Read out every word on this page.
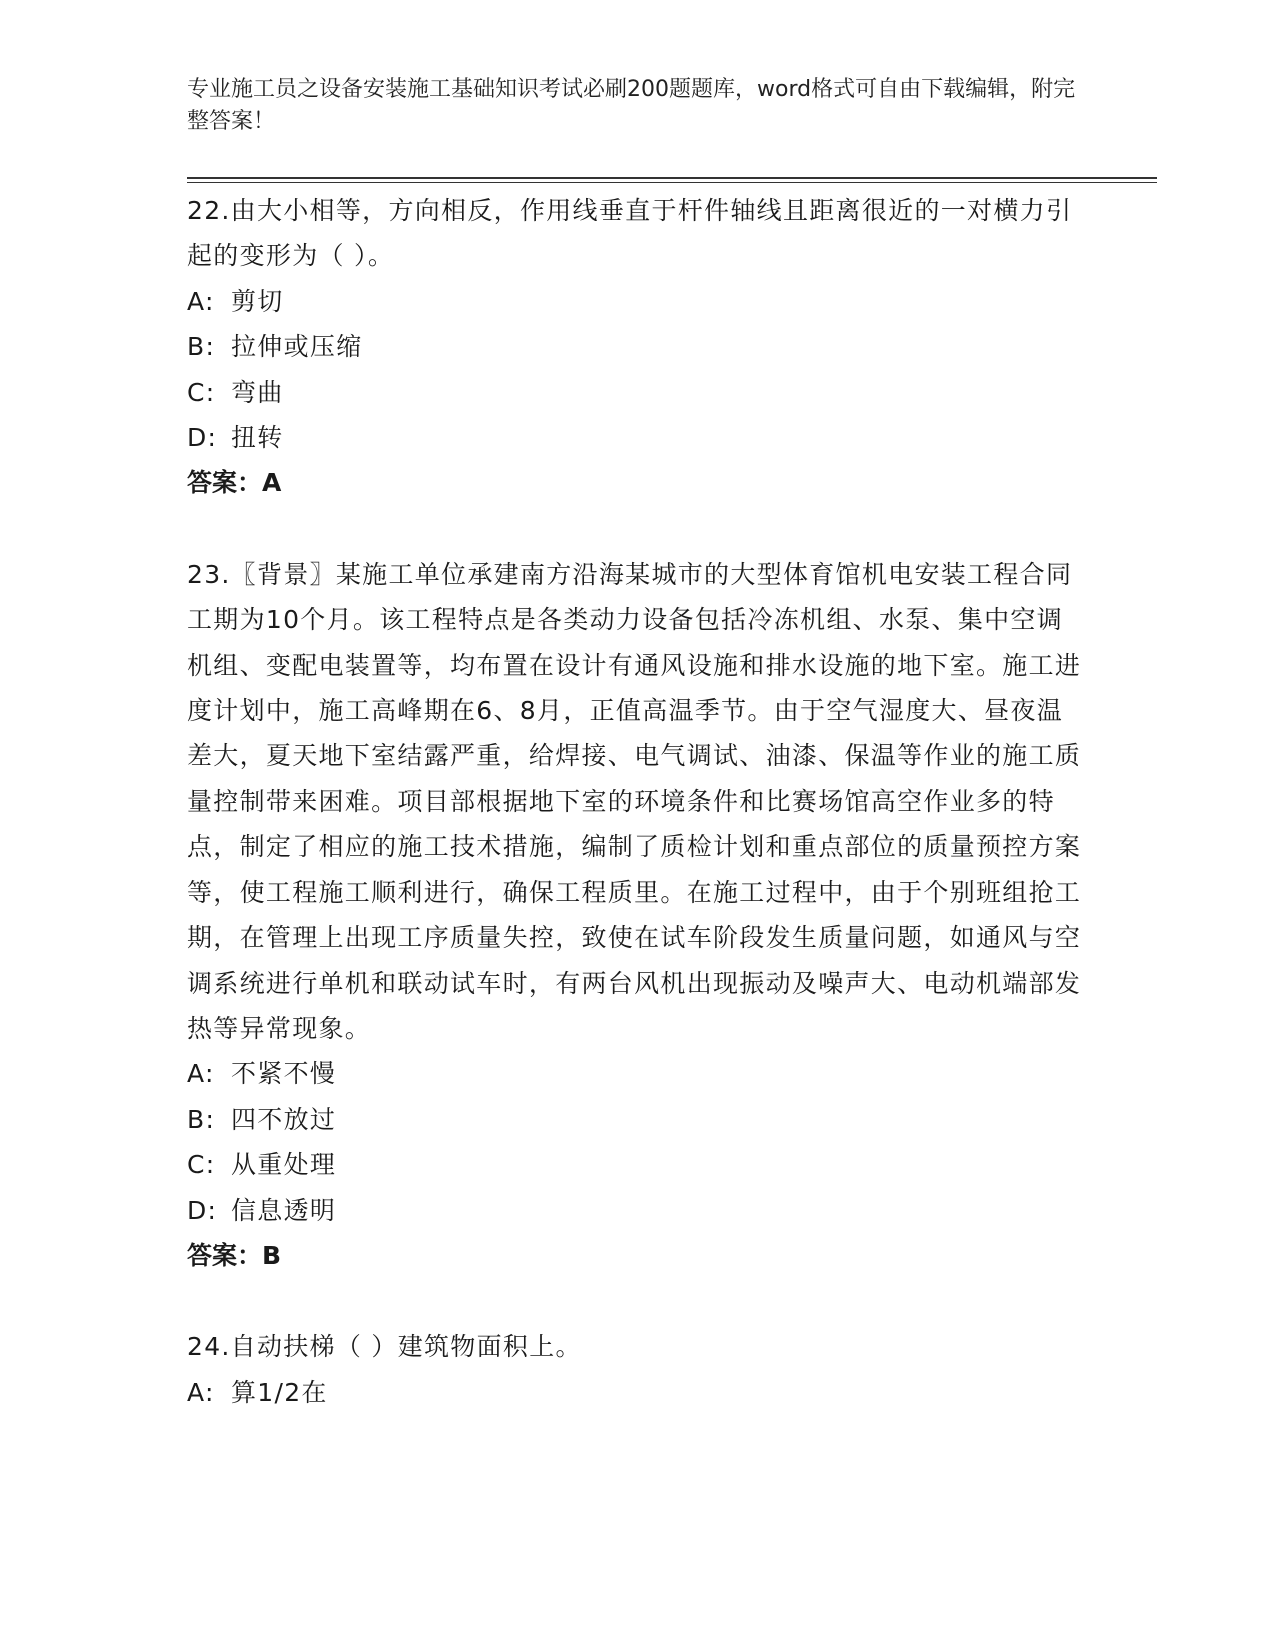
专业施工员之设备安装施工基础知识考试必刷200题题库，word格式可自由下载编辑，附完整答案！

22.由大小相等，方向相反，作用线垂直于杆件轴线且距离很近的一对横力引起的变形为（ ）。

A: 剪切

B: 拉伸或压缩

C: 弯曲

D: 扭转

答案：A

23.〖背景〗某施工单位承建南方沿海某城市的大型体育馆机电安装工程合同工期为10个月。该工程特点是各类动力设备包括冷冻机组、水泵、集中空调机组、变配电装置等，均布置在设计有通风设施和排水设施的地下室。施工进度计划中，施工高峰期在6、8月，正值高温季节。由于空气湿度大、昼夜温差大，夏天地下室结露严重，给焊接、电气调试、油漆、保温等作业的施工质量控制带来困难。项目部根据地下室的环境条件和比赛场馆高空作业多的特点，制定了相应的施工技术措施，编制了质检计划和重点部位的质量预控方案等，使工程施工顺利进行，确保工程质里。在施工过程中，由于个别班组抢工期，在管理上出现工序质量失控，致使在试车阶段发生质量问题，如通风与空调系统进行单机和联动试车时，有两台风机出现振动及噪声大、电动机端部发热等异常现象。

A: 不紧不慢

B: 四不放过

C: 从重处理

D: 信息透明

答案：B

24.自动扶梯（ ）建筑物面积上。

A: 算1/2在
